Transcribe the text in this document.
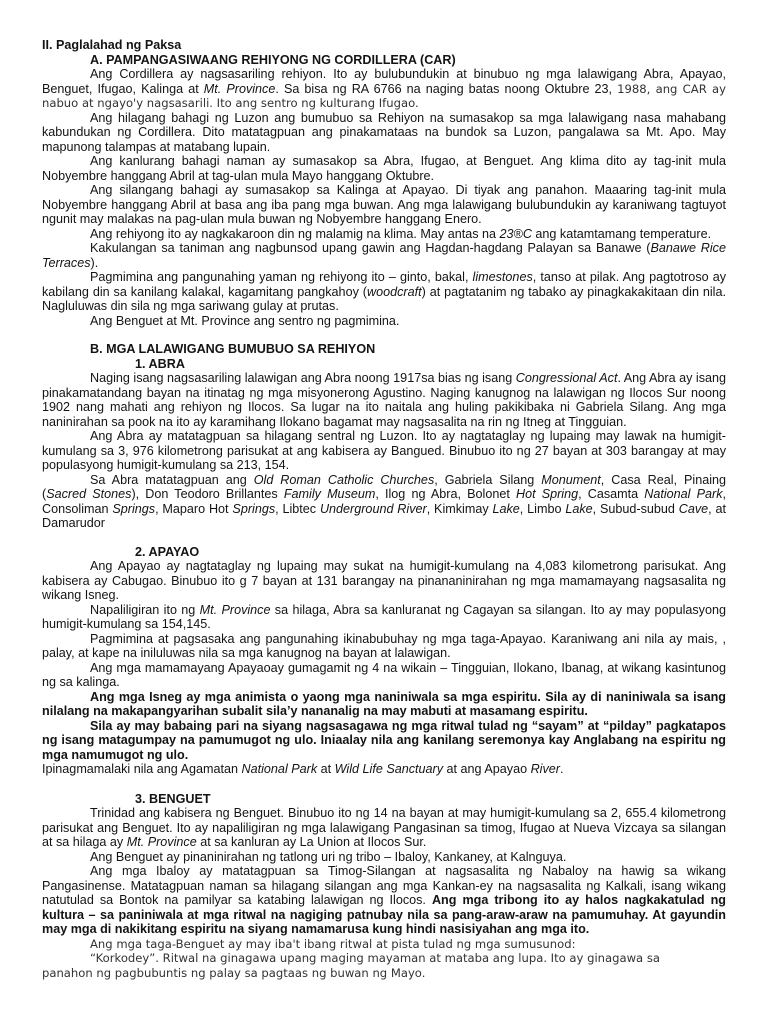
II. Paglalahad ng Paksa

A. PAMPANGASIWAANG REHIYONG NG CORDILLERA (CAR)

Ang Cordillera ay nagsasariling rehiyon. Ito ay bulubundukin at binubuo ng mga lalawigang Abra, Apayao, Benguet, Ifugao, Kalinga at Mt. Province. Sa bisa ng RA 6766 na naging batas noong Oktubre 23, 1988, ang CAR ay nabuo at ngayo'y nagsasarili. Ito ang sentro ng kulturang Ifugao.

Ang hilagang bahagi ng Luzon ang bumubuo sa Rehiyon na sumasakop sa mga lalawigang nasa mahabang kabundukan ng Cordillera. Dito matatagpuan ang pinakamataas na bundok sa Luzon, pangalawa sa Mt. Apo. May mapunong talampas at matabang lupain.

Ang kanlurang bahagi naman ay sumasakop sa Abra, Ifugao, at Benguet. Ang klima dito ay tag-init mula Nobyembre hanggang Abril at tag-ulan mula Mayo hanggang Oktubre.

Ang silangang bahagi ay sumasakop sa Kalinga at Apayao. Di tiyak ang panahon. Maaaring tag-init mula Nobyembre hanggang Abril at basa ang iba pang mga buwan. Ang mga lalawigang bulubundukin ay karaniwang tagtuyot ngunit may malakas na pag-ulan mula buwan ng Nobyembre hanggang Enero.

Ang rehiyong ito ay nagkakaroon din ng malamig na klima. May antas na 23®C ang katamtamang temperature.

Kakulangan sa taniman ang nagbunsod upang gawin ang Hagdan-hagdang Palayan sa Banawe (Banawe Rice Terraces).

Pagmimina ang pangunahing yaman ng rehiyong ito – ginto, bakal, limestones, tanso at pilak. Ang pagtotroso ay kabilang din sa kanilang kalakal, kagamitang pangkahoy (woodcraft) at pagtatanim ng tabako ay pinagkakakitaan din nila. Nagluluwas din sila ng mga sariwang gulay at prutas.

Ang Benguet at Mt. Province ang sentro ng pagmimina.

B. MGA LALAWIGANG BUMUBUO SA REHIYON

1. ABRA

Naging isang nagsasariling lalawigan ang Abra noong 1917sa bias ng isang Congressional Act. Ang Abra ay isang pinakamatandang bayan na itinatag ng mga misyonerong Agustino. Naging kanugnog na lalawigan ng Ilocos Sur noong 1902 nang mahati ang rehiyon ng Ilocos. Sa lugar na ito naitala ang huling pakikibaka ni Gabriela Silang. Ang mga naninirahan sa pook na ito ay karamihang Ilokano bagamat may nagsasalita na rin ng Itneg at Tingguian.

Ang Abra ay matatagpuan sa hilagang sentral ng Luzon. Ito ay nagtataglay ng lupaing may lawak na humigit-kumulang sa 3, 976 kilometrong parisukat at ang kabisera ay Bangued. Binubuo ito ng 27 bayan at 303 barangay at may populasyong humigit-kumulang sa 213, 154.

Sa Abra matatagpuan ang Old Roman Catholic Churches, Gabriela Silang Monument, Casa Real, Pinaing (Sacred Stones), Don Teodoro Brillantes Family Museum, Ilog ng Abra, Bolonet Hot Spring, Casamta National Park, Consoliman Springs, Maparo Hot Springs, Libtec Underground River, Kimkimay Lake, Limbo Lake, Subud-subud Cave, at Damarudor

2. APAYAO

Ang Apayao ay nagtataglay ng lupaing may sukat na humigit-kumulang na 4,083 kilometrong parisukat. Ang kabisera ay Cabugao. Binubuo ito g 7 bayan at 131 barangay na pinananinirahan ng mga mamamayang nagsasalita ng wikang Isneg.

Napaliligiran ito ng Mt. Province sa hilaga, Abra sa kanluranat ng Cagayan sa silangan. Ito ay may populasyong humigit-kumulang sa 154,145.

Pagmimina at pagsasaka ang pangunahing ikinabubuhay ng mga taga-Apayao. Karaniwang ani nila ay mais, , palay, at kape na iniluluwas nila sa mga kanugnog na bayan at lalawigan.

Ang mga mamamayang Apayaoay gumagamit ng 4 na wikain – Tingguian, Ilokano, Ibanag, at wikang kasintunog ng sa kalinga.

Ang mga Isneg ay mga animista o yaong mga naniniwala sa mga espiritu. Sila ay di naniniwala sa isang nilalang na makapangyarihan subalit sila’y nananalig na may mabuti at masamang espiritu.

Sila ay may babaing pari na siyang nagsasagawa ng mga ritwal tulad ng “sayam” at “pilday” pagkatapos ng isang matagumpay na pamumugot ng ulo. Iniaalay nila ang kanilang seremonya kay Anglabang na espiritu ng mga namumugot ng ulo.

Ipinagmamalaki nila ang Agamatan National Park at Wild Life Sanctuary at ang Apayao River.

3. BENGUET

Trinidad ang kabisera ng Benguet. Binubuo ito ng 14 na bayan at may humigit-kumulang sa 2, 655.4 kilometrong parisukat ang Benguet. Ito ay napaliligiran ng mga lalawigang Pangasinan sa timog, Ifugao at Nueva Vizcaya sa silangan at sa hilaga ay Mt. Province at sa kanluran ay La Union at Ilocos Sur.

Ang Benguet ay pinaninirahan ng tatlong uri ng tribo – Ibaloy, Kankaney, at Kalnguya.

Ang mga Ibaloy ay matatagpuan sa Timog-Silangan at nagsasalita ng Nabaloy na hawig sa wikang Pangasinense. Matatagpuan naman sa hilagang silangan ang mga Kankan-ey na nagsasalita ng Kalkali, isang wikang natutulad sa Bontok na pamilyar sa katabing lalawigan ng Ilocos. Ang mga tribong ito ay halos nagkakatulad ng kultura – sa paniniwala at mga ritwal na nagiging patnubay nila sa pang-araw-araw na pamumuhay. At gayundin may mga di nakikitang espiritu na siyang namamarusa kung hindi nasisiyahan ang mga ito.

Ang mga taga-Benguet ay may iba't ibang ritwal at pista tulad ng mga sumusunod:

“Korkodey”. Ritwal na ginagawa upang maging mayaman at mataba ang lupa. Ito ay ginagawa sa
panahon ng pagbubuntis ng palay sa pagtaas ng buwan ng Mayo.
